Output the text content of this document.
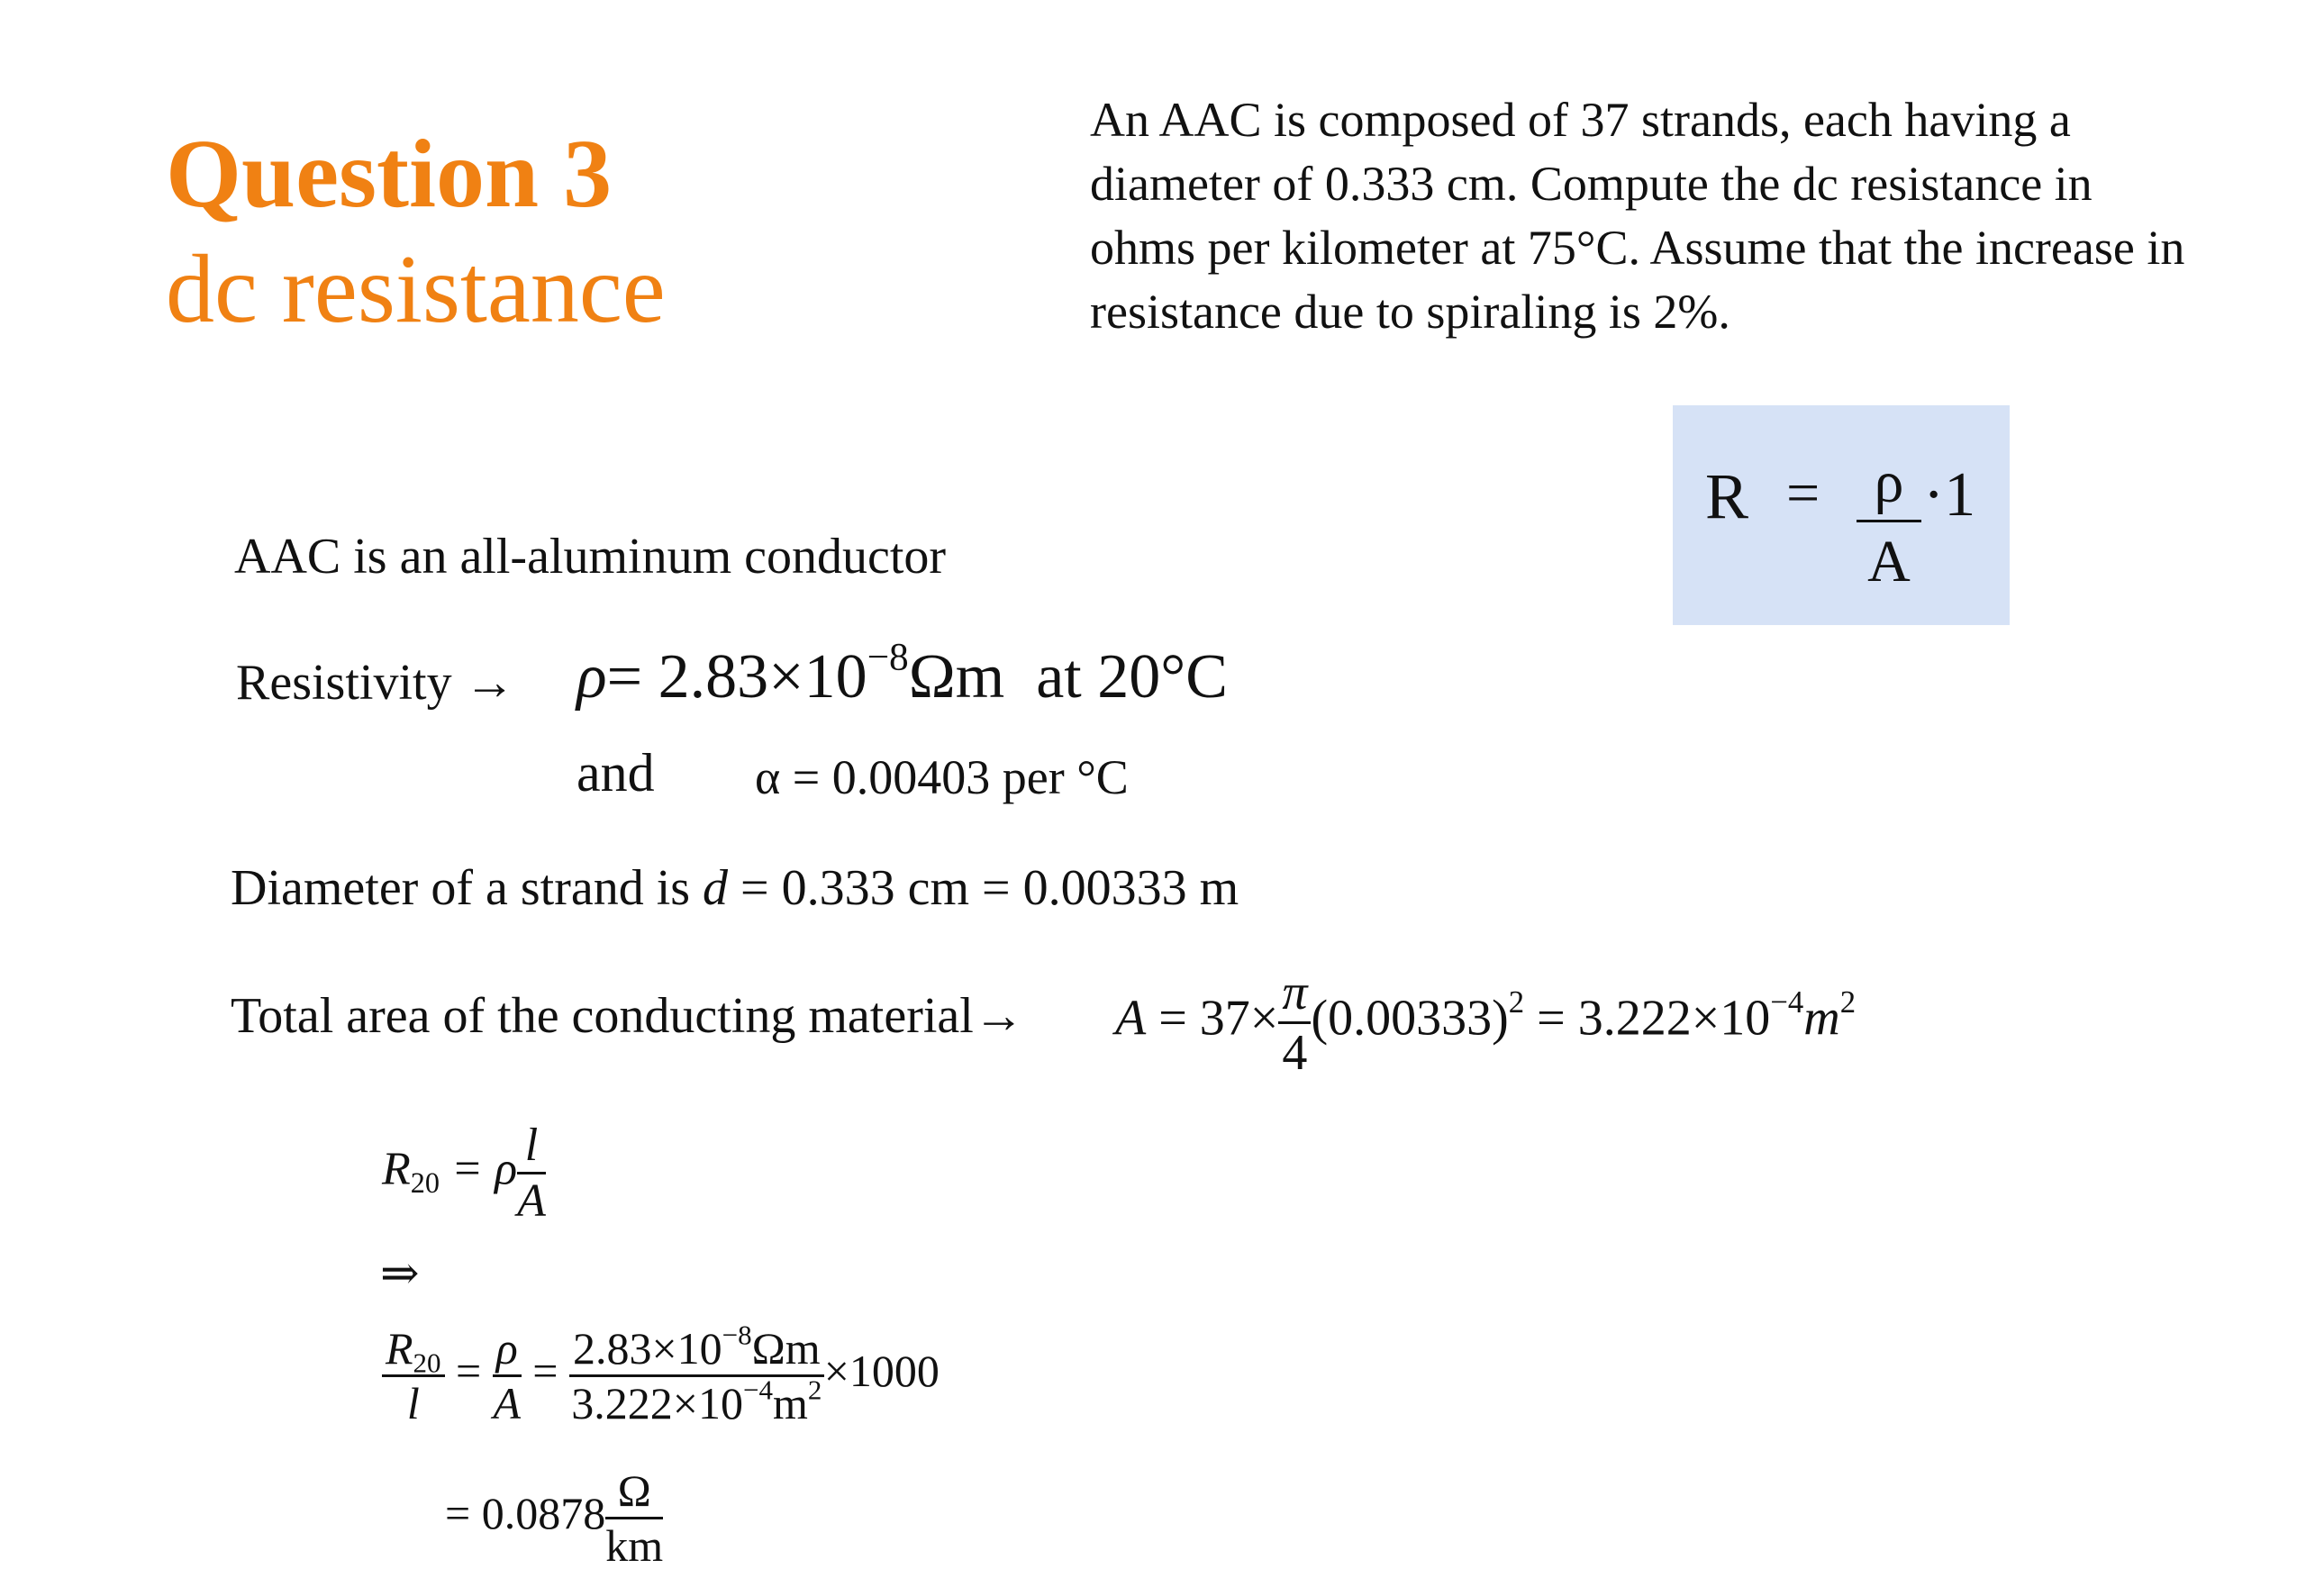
Question 3
dc resistance

An AAC is composed of 37 strands, each having a

diameter of 0.333 cm. Compute the dc resistance in

ohms per kilometer at 75°C. Assume that the increase in

resistance due to spiraling is 2%.

R = ρ
A
·1
AAC is an all-aluminum conductor
Resistivity → $\rho= 2.83\times 10^{-8}\Omega m$ at 20°C
and α = 0.00403 per °C
Diameter of a strand is d = 0.333 cm = 0.00333 m
Total area of the conducting material→ $A = 37\times \frac{\pi}{4} (0.00333)^2 = 3.222\times 10^{-4}m^2$
$R_{20} = \rho \frac{l}{A}$
⇒
$\frac{R_{20}}{l} = \frac{\rho}{A} = \frac{2.83\times 10^{-8}\Omega m}{3.222\times 10^{-4}m^2} \times 1000$
= $0.0878 \frac{\Omega}{km}$
